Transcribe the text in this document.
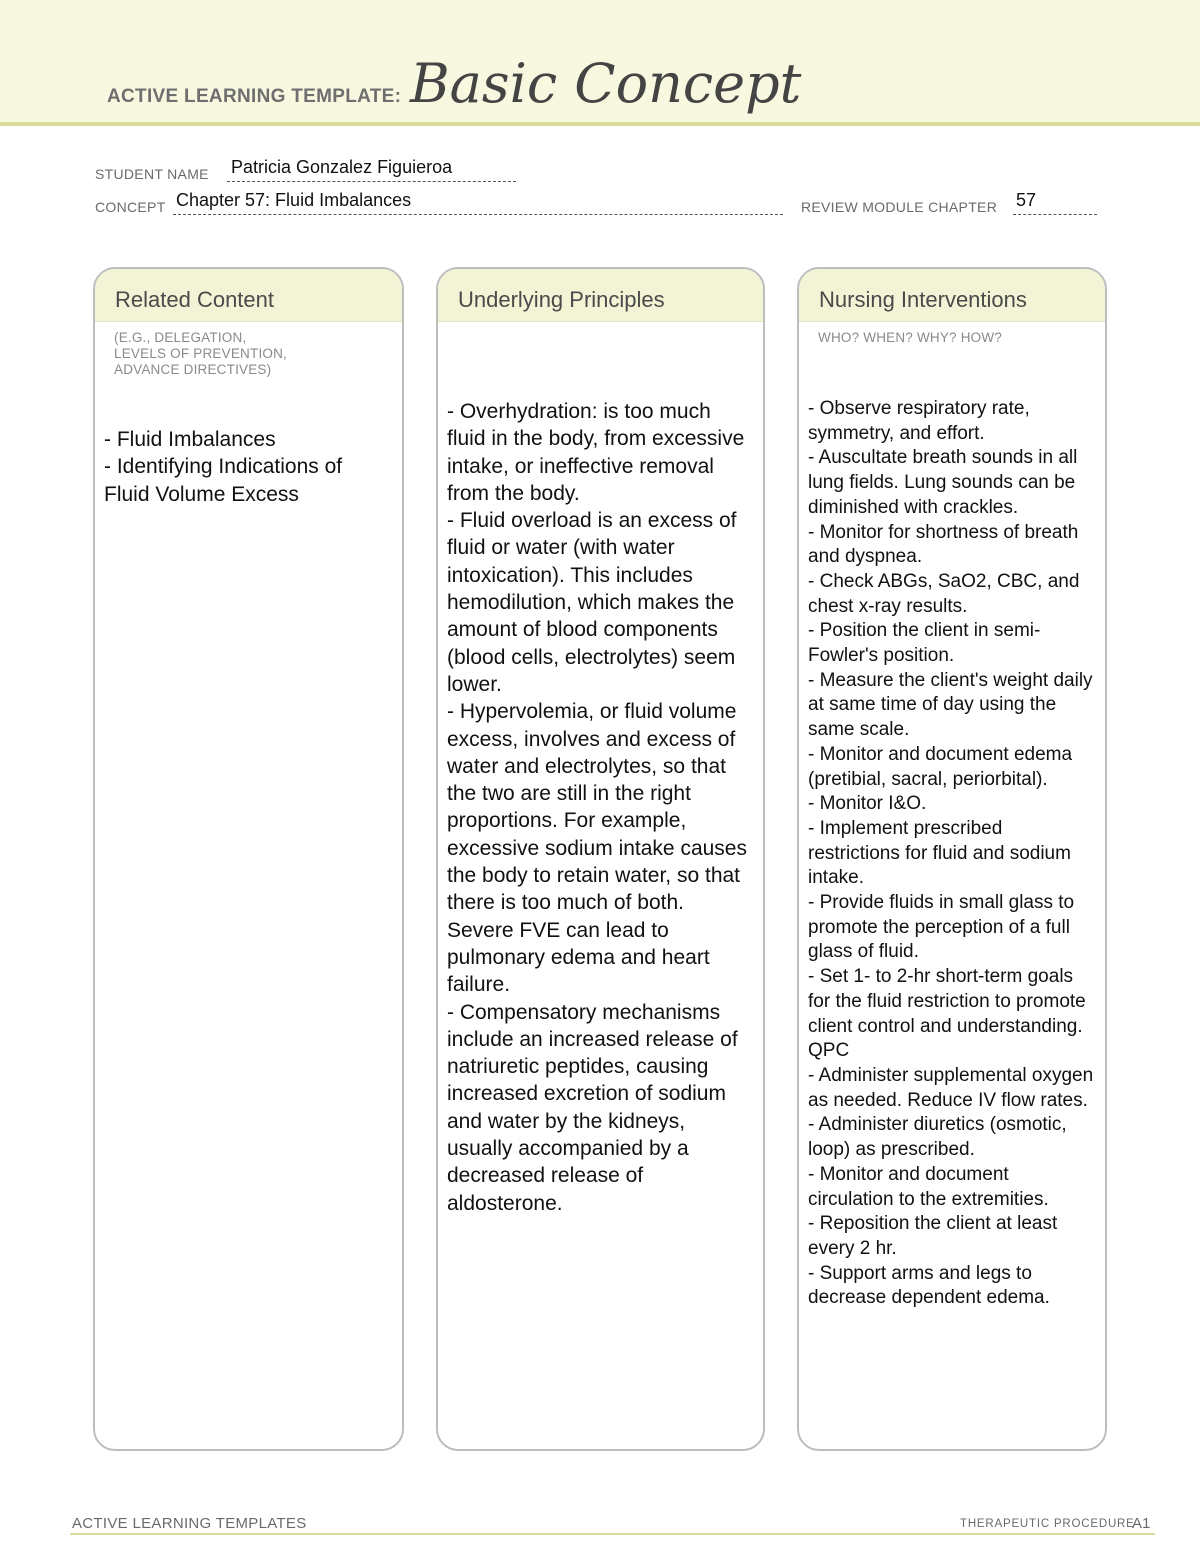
ACTIVE LEARNING TEMPLATE: Basic Concept
STUDENT NAME Patricia Gonzalez Figuieroa
CONCEPT Chapter 57: Fluid Imbalances	REVIEW MODULE CHAPTER 57
Related Content
(E.G., DELEGATION,
LEVELS OF PREVENTION,
ADVANCE DIRECTIVES)
- Fluid Imbalances
- Identifying Indications of Fluid Volume Excess
Underlying Principles
- Overhydration: is too much fluid in the body, from excessive intake, or ineffective removal from the body.
- Fluid overload is an excess of fluid or water (with water intoxication). This includes hemodilution, which makes the amount of blood components (blood cells, electrolytes) seem lower.
- Hypervolemia, or fluid volume excess, involves and excess of water and electrolytes, so that the two are still in the right proportions. For example, excessive sodium intake causes the body to retain water, so that there is too much of both.
Severe FVE can lead to pulmonary edema and heart failure.
- Compensatory mechanisms include an increased release of natriuretic peptides, causing increased excretion of sodium and water by the kidneys, usually accompanied by a decreased release of aldosterone.
Nursing Interventions
WHO? WHEN? WHY? HOW?
- Observe respiratory rate, symmetry, and effort.
- Auscultate breath sounds in all lung fields. Lung sounds can be diminished with crackles.
- Monitor for shortness of breath and dyspnea.
- Check ABGs, SaO2, CBC, and chest x-ray results.
- Position the client in semi-Fowler's position.
- Measure the client's weight daily at same time of day using the same scale.
- Monitor and document edema (pretibial, sacral, periorbital).
- Monitor I&O.
- Implement prescribed restrictions for fluid and sodium intake.
- Provide fluids in small glass to promote the perception of a full glass of fluid.
- Set 1- to 2-hr short-term goals for the fluid restriction to promote client control and understanding. QPC
- Administer supplemental oxygen as needed. Reduce IV flow rates.
- Administer diuretics (osmotic, loop) as prescribed.
- Monitor and document circulation to the extremities.
- Reposition the client at least every 2 hr.
- Support arms and legs to decrease dependent edema.
ACTIVE LEARNING TEMPLATES	THERAPEUTIC PROCEDURE
A1
